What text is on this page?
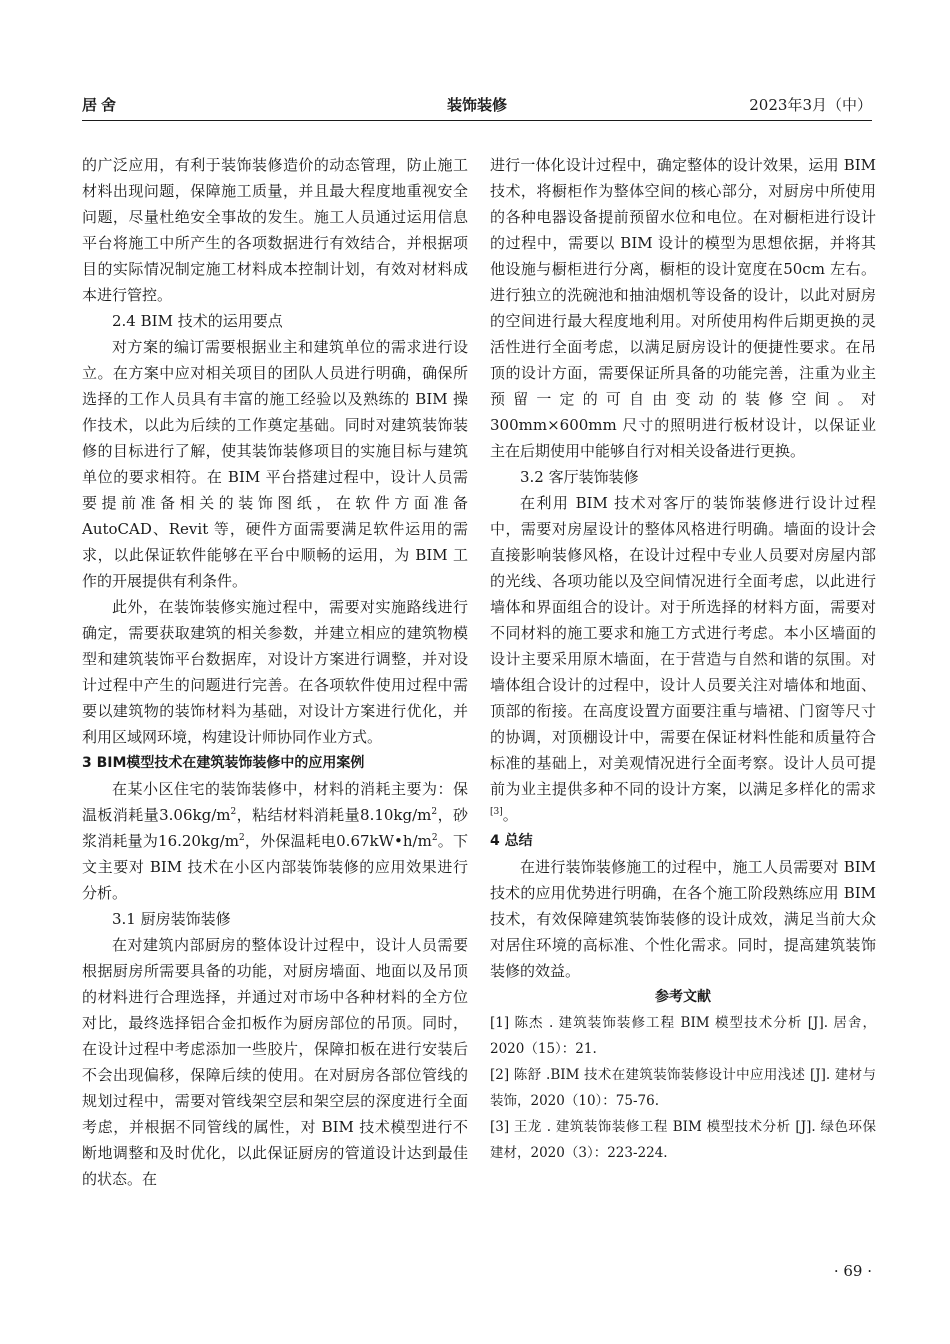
居舍	装饰装修	2023年3月（中）

的广泛应用，有利于装饰装修造价的动态管理，防止施工材料出现问题，保障施工质量，并且最大程度地重视安全问题，尽量杜绝安全事故的发生。施工人员通过运用信息平台将施工中所产生的各项数据进行有效结合，并根据项目的实际情况制定施工材料成本控制计划，有效对材料成本进行管控。

2.4 BIM 技术的运用要点

对方案的编订需要根据业主和建筑单位的需求进行设立。在方案中应对相关项目的团队人员进行明确，确保所选择的工作人员具有丰富的施工经验以及熟练的 BIM 操作技术，以此为后续的工作奠定基础。同时对建筑装饰装修的目标进行了解，使其装饰装修项目的实施目标与建筑单位的要求相符。在 BIM 平台搭建过程中，设计人员需要提前准备相关的装饰图纸，在软件方面准备 AutoCAD、Revit 等，硬件方面需要满足软件运用的需求，以此保证软件能够在平台中顺畅的运用，为 BIM 工作的开展提供有利条件。

此外，在装饰装修实施过程中，需要对实施路线进行确定，需要获取建筑的相关参数，并建立相应的建筑物模型和建筑装饰平台数据库，对设计方案进行调整，并对设计过程中产生的问题进行完善。在各项软件使用过程中需要以建筑物的装饰材料为基础，对设计方案进行优化，并利用区域网环境，构建设计师协同作业方式。

3 BIM模型技术在建筑装饰装修中的应用案例

在某小区住宅的装饰装修中，材料的消耗主要为：保温板消耗量$3.06kg/m^2$，粘结材料消耗量$8.10kg/m^2$，砂浆消耗量为$16.20kg/m^2$，外保温耗电$0.67kW•h/m^2$。下文主要对 BIM 技术在小区内部装饰装修的应用效果进行分析。

3.1 厨房装饰装修

在对建筑内部厨房的整体设计过程中，设计人员需要根据厨房所需要具备的功能，对厨房墙面、地面以及吊顶的材料进行合理选择，并通过对市场中各种材料的全方位对比，最终选择铝合金扣板作为厨房部位的吊顶。同时，在设计过程中考虑添加一些胶片，保障扣板在进行安装后不会出现偏移，保障后续的使用。在对厨房各部位管线的规划过程中，需要对管线架空层和架空层的深度进行全面考虑，并根据不同管线的属性，对 BIM 技术模型进行不断地调整和及时优化，以此保证厨房的管道设计达到最佳的状态。在

进行一体化设计过程中，确定整体的设计效果，运用 BIM 技术，将橱柜作为整体空间的核心部分，对厨房中所使用的各种电器设备提前预留水位和电位。在对橱柜进行设计的过程中，需要以 BIM 设计的模型为思想依据，并将其他设施与橱柜进行分离，橱柜的设计宽度在50cm 左右。进行独立的洗碗池和抽油烟机等设备的设计，以此对厨房的空间进行最大程度地利用。对所使用构件后期更换的灵活性进行全面考虑，以满足厨房设计的便捷性要求。在吊顶的设计方面，需要保证所具备的功能完善，注重为业主预留一定的可自由变动的装修空间。对 300mm×600mm 尺寸的照明进行板材设计，以保证业主在后期使用中能够自行对相关设备进行更换。

3.2 客厅装饰装修

在利用 BIM 技术对客厅的装饰装修进行设计过程中，需要对房屋设计的整体风格进行明确。墙面的设计会直接影响装修风格，在设计过程中专业人员要对房屋内部的光线、各项功能以及空间情况进行全面考虑，以此进行墙体和界面组合的设计。对于所选择的材料方面，需要对不同材料的施工要求和施工方式进行考虑。本小区墙面的设计主要采用原木墙面，在于营造与自然和谐的氛围。对墙体组合设计的过程中，设计人员要关注对墙体和地面、顶部的衔接。在高度设置方面要注重与墙裙、门窗等尺寸的协调，对顶棚设计中，需要在保证材料性能和质量符合标准的基础上，对美观情况进行全面考察。设计人员可提前为业主提供多种不同的设计方案，以满足多样化的需求[3]。

4 总结

在进行装饰装修施工的过程中，施工人员需要对 BIM 技术的应用优势进行明确，在各个施工阶段熟练应用 BIM 技术，有效保障建筑装饰装修的设计成效，满足当前大众对居住环境的高标准、个性化需求。同时，提高建筑装饰装修的效益。

参考文献
[1] 陈杰 . 建筑装饰装修工程 BIM 模型技术分析 [J]. 居舍，2020（15）：21.
[2] 陈舒 .BIM 技术在建筑装饰装修设计中应用浅述 [J]. 建材与装饰，2020（10）：75-76.
[3] 王龙 . 建筑装饰装修工程 BIM 模型技术分析 [J]. 绿色环保建材，2020（3）：223-224.
· 69 ·
